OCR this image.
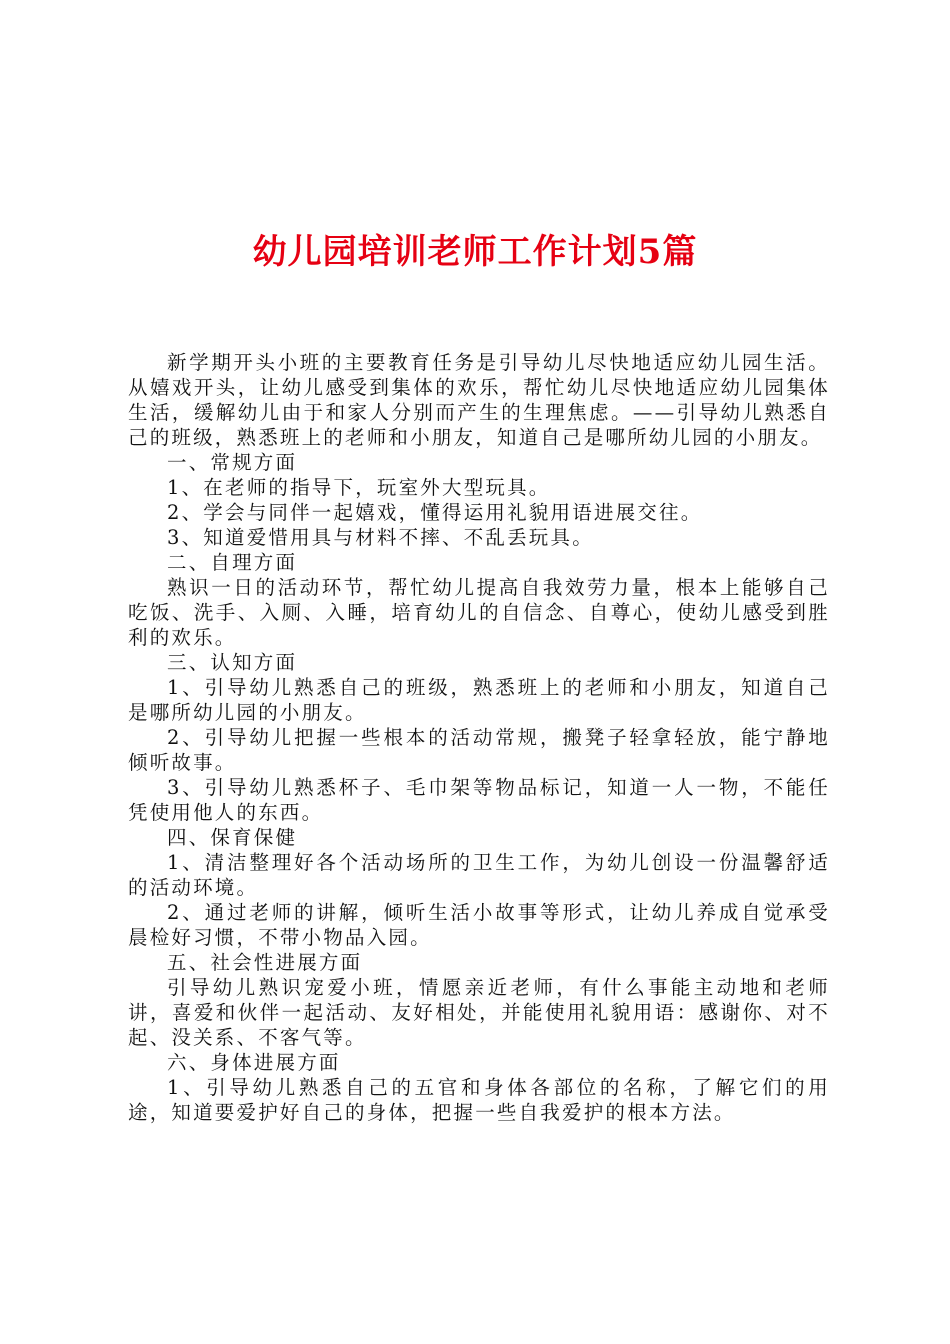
幼儿园培训老师工作计划5篇

新学期开头小班的主要教育任务是引导幼儿尽快地适应幼儿园生活。从嬉戏开头，让幼儿感受到集体的欢乐，帮忙幼儿尽快地适应幼儿园集体生活，缓解幼儿由于和家人分别而产生的生理焦虑。——引导幼儿熟悉自己的班级，熟悉班上的老师和小朋友，知道自己是哪所幼儿园的小朋友。

一、常规方面

1、在老师的指导下，玩室外大型玩具。

2、学会与同伴一起嬉戏，懂得运用礼貌用语进展交往。

3、知道爱惜用具与材料不摔、不乱丢玩具。

二、自理方面

熟识一日的活动环节，帮忙幼儿提高自我效劳力量，根本上能够自己吃饭、洗手、入厕、入睡，培育幼儿的自信念、自尊心，使幼儿感受到胜利的欢乐。

三、认知方面

1、引导幼儿熟悉自己的班级，熟悉班上的老师和小朋友，知道自己是哪所幼儿园的小朋友。

2、引导幼儿把握一些根本的活动常规，搬凳子轻拿轻放，能宁静地倾听故事。

3、引导幼儿熟悉杯子、毛巾架等物品标记，知道一人一物，不能任凭使用他人的东西。

四、保育保健

1、清洁整理好各个活动场所的卫生工作，为幼儿创设一份温馨舒适的活动环境。

2、通过老师的讲解，倾听生活小故事等形式，让幼儿养成自觉承受晨检好习惯，不带小物品入园。

五、社会性进展方面

引导幼儿熟识宠爱小班，情愿亲近老师，有什么事能主动地和老师讲，喜爱和伙伴一起活动、友好相处，并能使用礼貌用语：感谢你、对不起、没关系、不客气等。

六、身体进展方面

1、引导幼儿熟悉自己的五官和身体各部位的名称，了解它们的用途，知道要爱护好自己的身体，把握一些自我爱护的根本方法。
